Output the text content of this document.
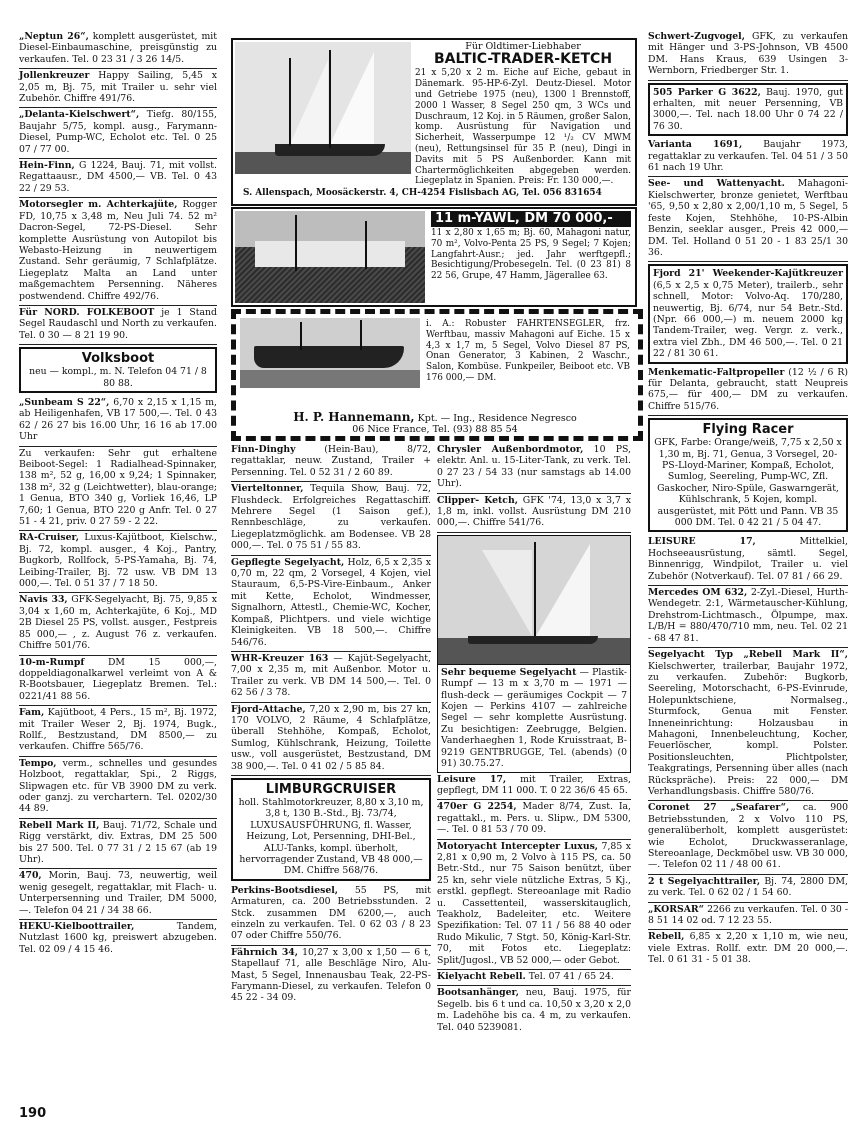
„Neptun 26“, komplett ausgerüstet, mit Diesel-Einbaumaschine, preisgünstig zu verkaufen. Tel. 0 23 31 / 3 26 14/5.

Jollenkreuzer Happy Sailing, 5,45 x 2,05 m, Bj. 75, mit Trailer u. sehr viel Zubehör. Chiffre 491/76.

„Delanta-Kielschwert“, Tiefg. 80/155, Baujahr 5/75, kompl. ausg., Farymann-Diesel, Pump-WC, Echolot etc. Tel. 0 25 07 / 77 00.

Hein-Finn, G 1224, Bauj. 71, mit vollst. Regattaausr., DM 4500,— VB. Tel. 0 43 22 / 29 53.

Motorsegler m. Achterkajüte, Rogger FD, 10,75 x 3,48 m, Neu Juli 74. 52 m² Dacron-Segel, 72-PS-Diesel. Sehr komplette Ausrüstung von Autopilot bis Webasto-Heizung in neuwertigem Zustand. Sehr geräumig, 7 Schlafplätze. Liegeplatz Malta an Land unter maßgemachtem Persenning. Näheres postwendend. Chiffre 492/76.

Für NORD. FOLKEBOOT je 1 Stand Segel Raudaschl und North zu verkaufen. Tel. 0 30 — 8 21 19 90.

Volksboot
neu — kompl., m. N. Telefon 04 71 / 8 80 88.

„Sunbeam S 22“, 6,70 x 2,15 x 1,15 m, ab Heiligenhafen, VB 17 500,—. Tel. 0 43 62 / 26 27 bis 16.00 Uhr, 16 16 ab 17.00 Uhr

Zu verkaufen: Sehr gut erhaltene Beiboot-Segel: 1 Radialhead-Spinnaker, 138 m², 52 g, 16,00 x 9,24; 1 Spinnaker, 138 m², 32 g (Leichtwetter), blau-orange; 1 Genua, BTO 340 g, Vorliek 16,46, LP 7,60; 1 Genua, BTO 220 g Anfr. Tel. 0 27 51 - 4 21, priv. 0 27 59 - 2 22.

RA-Cruiser, Luxus-Kajütboot, Kielschw., Bj. 72, kompl. ausger., 4 Koj., Pantry, Bugkorb, Rollfock, 5-PS-Yamaha, Bj. 74, Leibing-Trailer, Bj. 72 usw. VB DM 13 000,—. Tel. 0 51 37 / 7 18 50.

Navis 33, GFK-Segelyacht, Bj. 75, 9,85 x 3,04 x 1,60 m, Achterkajüte, 6 Koj., MD 2B Diesel 25 PS, vollst. ausger., Festpreis 85 000,— , z. August 76 z. verkaufen. Chiffre 501/76.

10-m-Rumpf	DM 15 000,—, doppeldiagonalkarwel verleimt von A & R-Bootsbauer, Liegeplatz Bremen. Tel.: 0221/41 88 56.

Fam, Kajütboot, 4 Pers., 15 m², Bj. 1972, mit Trailer Weser 2, Bj. 1974, Bugk., Rollf., Bestzustand, DM 8500,— zu verkaufen. Chiffre 565/76.

Tempo, verm., schnelles und gesundes Holzboot, regattaklar, Spi., 2 Riggs, Slipwagen etc. für VB 3900 DM zu verk. oder ganzj. zu verchartern. Tel. 0202/30 44 89.

Rebell Mark II, Bauj. 71/72, Schale und Rigg verstärkt, div. Extras, DM 25 500 bis 27 500. Tel. 0 77 31 / 2 15 67 (ab 19 Uhr).

470, Morin, Bauj. 73, neuwertig, weil wenig gesegelt, regattaklar, mit Flach- u. Unterpersenning und Trailer, DM 5000,—. Telefon 04 21 / 34 38 66.

HEKU-Kielboottrailer,	Tandem, Nutzlast 1600 kg, preiswert abzugeben. Tel. 02 09 / 4 15 46.

Für Oldtimer-Liebhaber
BALTIC-TRADER-KETCH
21 x 5,20 x 2 m. Eiche auf Eiche, gebaut in Dänemark. 95-HP-6-Zyl. Deutz-Diesel. Motor und Getriebe 1975 (neu), 1300 l Brennstoff, 2000 l Wasser, 8 Segel 250 qm, 3 WCs und Duschraum, 12 Koj. in 5 Räumen, großer Salon, komp. Ausrüstung für Navigation und Sicherheit, Wasserpumpe 12 ¹/₂ CV MWM (neu), Rettungsinsel für 35 P. (neu), Dingi in Davits mit 5 PS Außenborder. Kann mit Chartermöglichkeiten abgegeben werden. Liegeplatz in Spanien. Preis: Fr. 130 000,—.
S. Allenspach, Moosäckerstr. 4, CH-4254 Fislisbach AG, Tel. 056 831654
11 m-YAWL, DM 70 000,-
11 x 2,80 x 1,65 m; Bj. 60, Mahagoni natur, 70 m², Volvo-Penta 25 PS, 9 Segel; 7 Kojen; Langfahrt-Ausr.; jed. Jahr werftgepfl.; Besichtigung/Probesegeln. Tel. (0 23 81) 8 22 56, Grupe, 47 Hamm, Jägerallee 63.
i. A.: Robuster FAHRTENSEGLER, frz. Werftbau, massiv Mahagoni auf Eiche. 15 x 4,3 x 1,7 m, 5 Segel, Volvo Diesel 87 PS, Onan Generator, 3 Kabinen, 2 Waschr., Salon, Kombüse. Funkpeiler, Beiboot etc. VB 176 000,— DM.
H. P. Hannemann, Kpt. — Ing., Residence Negresco
06 Nice France, Tel. (93) 88 85 54

Finn-Dinghy	(Hein-Bau), 8/72, regattaklar, neuw. Zustand, Trailer + Persenning. Tel. 0 52 31 / 2 60 89.

Vierteltonner, Tequila Show, Bauj. 72, Flushdeck. Erfolgreiches Regattaschiff. Mehrere Segel (1 Saison gef.), Rennbeschläge, zu verkaufen. Liegeplatzmöglichk. am Bodensee. VB 28 000,—. Tel. 0 75 51 / 55 83.

Gepflegte Segelyacht, Holz, 6,5 x 2,35 x 0,70 m, 22 qm, 2 Vorsegel, 4 Kojen, viel Stauraum, 6,5-PS-Vire-Einbaum., Anker mit Kette, Echolot, Windmesser, Signalhorn, Attestl., Chemie-WC, Kocher, Kompaß, Plichtpers. und viele wichtige Kleinigkeiten. VB 18 500,—. Chiffre 546/76.

WHR-Kreuzer 163 — Kajüt-Segelyacht, 7,00 x 2,35 m, mit Außenbor. Motor u. Trailer zu verk. VB DM 14 500,—. Tel. 0 62 56 / 3 78.

Fjord-Attache, 7,20 x 2,90 m, bis 27 kn, 170 VOLVO, 2 Räume, 4 Schlafplätze, überall Stehhöhe, Kompaß, Echolot, Sumlog, Kühlschrank, Heizung, Toilette usw., voll ausgerüstet, Bestzustand, DM 38 900,—. Tel. 0 41 02 / 5 85 84.

LIMBURGCRUISER
holl. Stahlmotorkreuzer, 8,80 x 3,10 m, 3,8 t, 130 B.-Std., Bj. 73/74, LUXUSAUSFÜHRUNG, fl. Wasser, Heizung, Lot, Persenning, DHI-Bel., ALU-Tanks, kompl. überholt, hervorragender Zustand, VB 48 000,— DM. Chiffre 568/76.

Perkins-Bootsdiesel, 55 PS, mit Armaturen, ca. 200 Betriebsstunden. 2 Stck. zusammen DM 6200,—, auch einzeln zu verkaufen. Tel. 0 62 03 / 8 23 07 oder Chiffre 550/76.

Fährnich 34, 10,27 x 3,00 x 1,50 — 6 t, Stapellauf 71, alle Beschläge Niro, Alu-Mast, 5 Segel, Innenausbau Teak, 22-PS-Farymann-Diesel, zu verkaufen. Telefon 0 45 22 - 34 09.

Chrysler Außenbordmotor, 10 PS, elektr. Anl. u. 15-Liter-Tank, zu verk. Tel. 0 27 23 / 54 33 (nur samstags ab 14.00 Uhr).

Clipper- Ketch, GFK '74, 13,0 x 3,7 x 1,8 m, inkl. vollst. Ausrüstung DM 210 000,—. Chiffre 541/76.

Sehr bequeme Segelyacht — Plastik-Rumpf — 13 m x 3,70 m — 1971 — flush-deck — geräumiges Cockpit — 7 Kojen — Perkins 4107 — zahlreiche Segel — sehr komplette Ausrüstung. Zu besichtigen: Zeebrugge, Belgien. Vanderhaeghen 1, Rode Kruisstraat, B-9219 GENTBRUGGE, Tel. (abends) (0 91) 30.75.27.

Leisure 17, mit Trailer, Extras, gepflegt, DM 11 000. T. 0 22 36/6 45 65.

470er G 2254, Mader 8/74, Zust. Ia, regattakl., m. Pers. u. Slipw., DM 5300,—. Tel. 0 81 53 / 70 09.

Motoryacht Intercepter Luxus, 7,85 x 2,81 x 0,90 m, 2 Volvo à 115 PS, ca. 50 Betr.-Std., nur 75 Saison benützt, über 25 kn, sehr viele nützliche Extras, 5 Kj., erstkl. gepflegt. Stereoanlage mit Radio u. Cassettenteil, wasserskitauglich, Teakholz, Badeleiter, etc. Weitere Spezifikation: Tel. 07 11 / 56 88 40 oder Rudo Mikulic, 7 Stgt. 50, König-Karl-Str. 70, mit Fotos etc. Liegeplatz: Split/Jugosl., VB 52 000,— oder Gebot.

Kielyacht Rebell. Tel. 07 41 / 65 24.

Bootsanhänger, neu, Bauj. 1975, für Segelb. bis 6 t und ca. 10,50 x 3,20 x 2,0 m. Ladehöhe bis ca. 4 m, zu verkaufen. Tel. 040 5239081.

Schwert-Zugvogel, GFK, zu verkaufen mit Hänger und 3-PS-Johnson, VB 4500 DM. Hans Kraus, 639 Usingen 3-Wernborn, Friedberger Str. 1.

505 Parker G 3622, Bauj. 1970, gut erhalten, mit neuer Persenning, VB 3000,—. Tel. nach 18.00 Uhr 0 74 22 / 76 30.

Varianta 1691, Baujahr 1973, regattaklar zu verkaufen. Tel. 04 51 / 3 50 61 nach 19 Uhr.

See- und Wattenyacht. Mahagoni-Kielschwerter, bronze genietet, Werftbau '65, 9,50 x 2,80 x 2,00/1,10 m, 5 Segel, 5 feste Kojen, Stehhöhe, 10-PS-Albin Benzin, seeklar ausger., Preis 42 000,— DM. Tel. Holland 0 51 20 - 1 83 25/1 30 36.

Fjord 21' Weekender-Kajütkreuzer (6,5 x 2,5 x 0,75 Meter), trailerb., sehr schnell, Motor: Volvo-Aq. 170/280, neuwertig, Bj. 6/74, nur 54 Betr.-Std. (Npr. 66 000,—) m. neuem 2000 kg Tandem-Trailer, weg. Vergr. z. verk., extra viel Zbh., DM 46 500,—. Tel. 0 21 22 / 81 30 61.

Menkematic-Faltpropeller (12 ½ / 6 R) für Delanta, gebraucht, statt Neupreis 675,— für 400,— DM zu verkaufen. Chiffre 515/76.

Flying Racer
GFK, Farbe: Orange/weiß, 7,75 x 2,50 x 1,30 m, Bj. 71, Genua, 3 Vorsegel, 20-PS-Lloyd-Mariner, Kompaß, Echolot, Sumlog, Seereling, Pump-WC, Zfl. Gaskocher, Niro-Spüle, Gaswarngerät, Kühlschrank, 5 Kojen, kompl. ausgerüstet, mit Pött und Pann. VB 35 000 DM. Tel. 0 42 21 / 5 04 47.

LEISURE 17,	Mittelkiel, Hochseeausrüstung, sämtl. Segel, Binnenrigg, Windpilot, Trailer u. viel Zubehör (Notverkauf). Tel. 07 81 / 66 29.

Mercedes OM 632, 2-Zyl.-Diesel, Hurth-Wendegetr. 2:1, Wärmetauscher-Kühlung, Drehstrom-Lichtmasch., Ölpumpe, max. L/B/H = 880/470/710 mm, neu. Tel. 02 21 - 68 47 81.

Segelyacht Typ „Rebell Mark II“, Kielschwerter, trailerbar, Baujahr 1972, zu verkaufen. Zubehör: Bugkorb, Seereling, Motorschacht, 6-PS-Evinrude, Holepunktschiene, Normalseg., Sturmfock, Genua mit Fenster. Inneneinrichtung: Holzausbau in Mahagoni, Innenbeleuchtung, Kocher, Feuerlöscher, kompl. Polster. Positionsleuchten, Plichtpolster, Teakgratings, Persenning über alles (nach Rückspräche). Preis: 22 000,— DM Verhandlungsbasis. Chiffre 580/76.

Coronet 27 „Seafarer“, ca. 900 Betriebsstunden, 2 x Volvo 110 PS, generalüberholt, komplett ausgerüstet: wie Echolot, Druckwasseranlage, Stereoanlage, Deckmöbel usw. VB 30 000,—. Telefon 02 11 / 48 00 61.

2 t Segelyachttrailer, Bj. 74, 2800 DM, zu verk. Tel. 0 62 02 / 1 54 60.

„KORSAR“ 2266 zu verkaufen. Tel. 0 30 - 8 51 14 02 od. 7 12 23 55.

Rebell, 6,85 x 2,20 x 1,10 m, wie neu, viele Extras. Rollf. extr. DM 20 000,—. Tel. 0 61 31 - 5 01 38.

190
